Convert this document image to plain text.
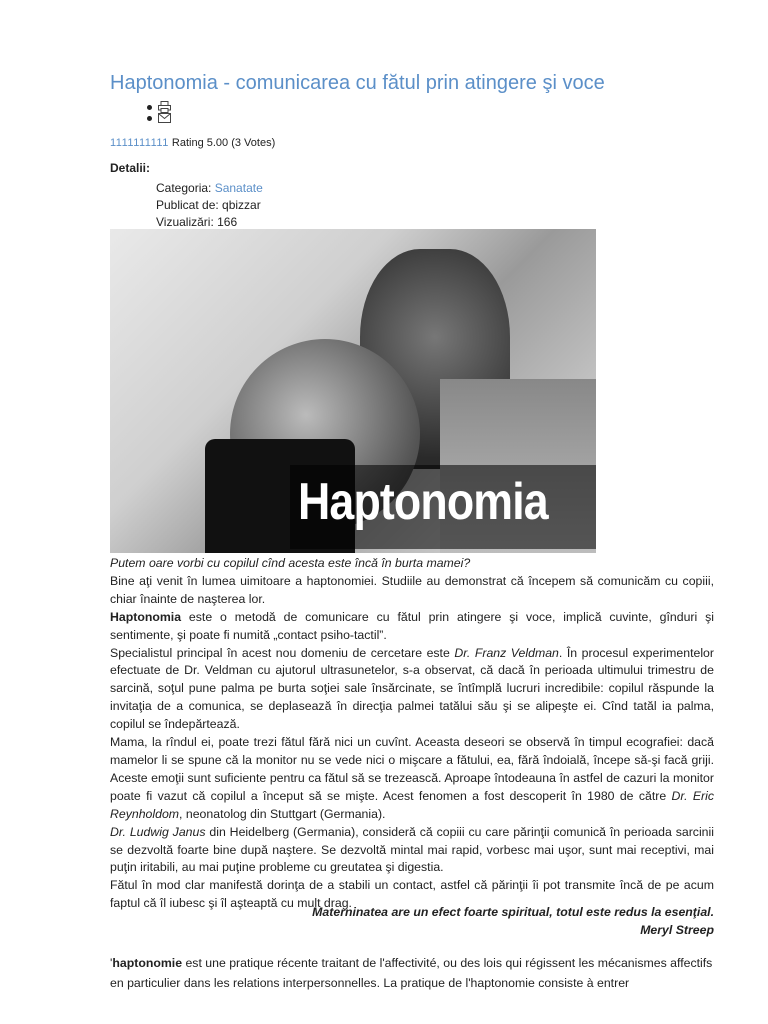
Haptonomia - comunicarea cu fătul prin atingere şi voce
1111111111 Rating 5.00 (3 Votes)
Detalii:
Categoria: Sanatate
Publicat de: qbizzar
Vizualizări: 166
Haptonomia

Putem oare vorbi cu copilul cînd acesta este încă în burta mamei?

Bine aţi venit în lumea uimitoare a haptonomiei. Studiile au demonstrat că începem să comunicăm cu copiii, chiar înainte de naşterea lor.

Haptonomia este o metodă de comunicare cu fătul prin atingere şi voce, implică cuvinte, gînduri şi sentimente, şi poate fi numită „contact psiho-tactil”.

Specialistul principal în acest nou domeniu de cercetare este Dr. Franz Veldman. În procesul experimentelor efectuate de Dr. Veldman cu ajutorul ultrasunetelor, s-a observat, că dacă în perioada ultimului trimestru de sarcină, soţul pune palma pe burta soţiei sale însărcinate, se întîmplă lucruri incredibile: copilul răspunde la invitaţia de a comunica, se deplasează în direcţia palmei tatălui său şi se alipeşte ei. Cînd tatăl ia palma, copilul se îndepărtează.

Mama, la rîndul ei, poate trezi fătul fără nici un cuvînt. Aceasta deseori se observă în timpul ecografiei: dacă mamelor li se spune că la monitor nu se vede nici o mişcare a fătului, ea, fără îndoială, începe să-şi facă griji. Aceste emoţii sunt suficiente pentru ca fătul să se trezească. Aproape întodeauna în astfel de cazuri la monitor poate fi vazut că copilul a început să se mişte. Acest fenomen a fost descoperit în 1980 de către Dr. Eric Reynholdom, neonatolog din Stuttgart (Germania).

Dr. Ludwig Janus din Heidelberg (Germania), consideră că copiii cu care părinţii comunică în perioada sarcinii se dezvoltă foarte bine după naştere. Se dezvoltă mintal mai rapid, vorbesc mai uşor, sunt mai receptivi, mai puţin iritabili, au mai puţine probleme cu greutatea şi digestia.

Fătul în mod clar manifestă dorinţa de a stabili un contact, astfel că părinţii îi pot transmite încă de pe acum faptul că îl iubesc şi îl aşteaptă cu mult drag.

Materninatea are un efect foarte spiritual, totul este redus la esenţial.
Meryl Streep
'haptonomie est une pratique récente traitant de l'affectivité, ou des lois qui régissent les mécanismes affectifs en particulier dans les relations interpersonnelles. La pratique de l'haptonomie consiste à entrer
